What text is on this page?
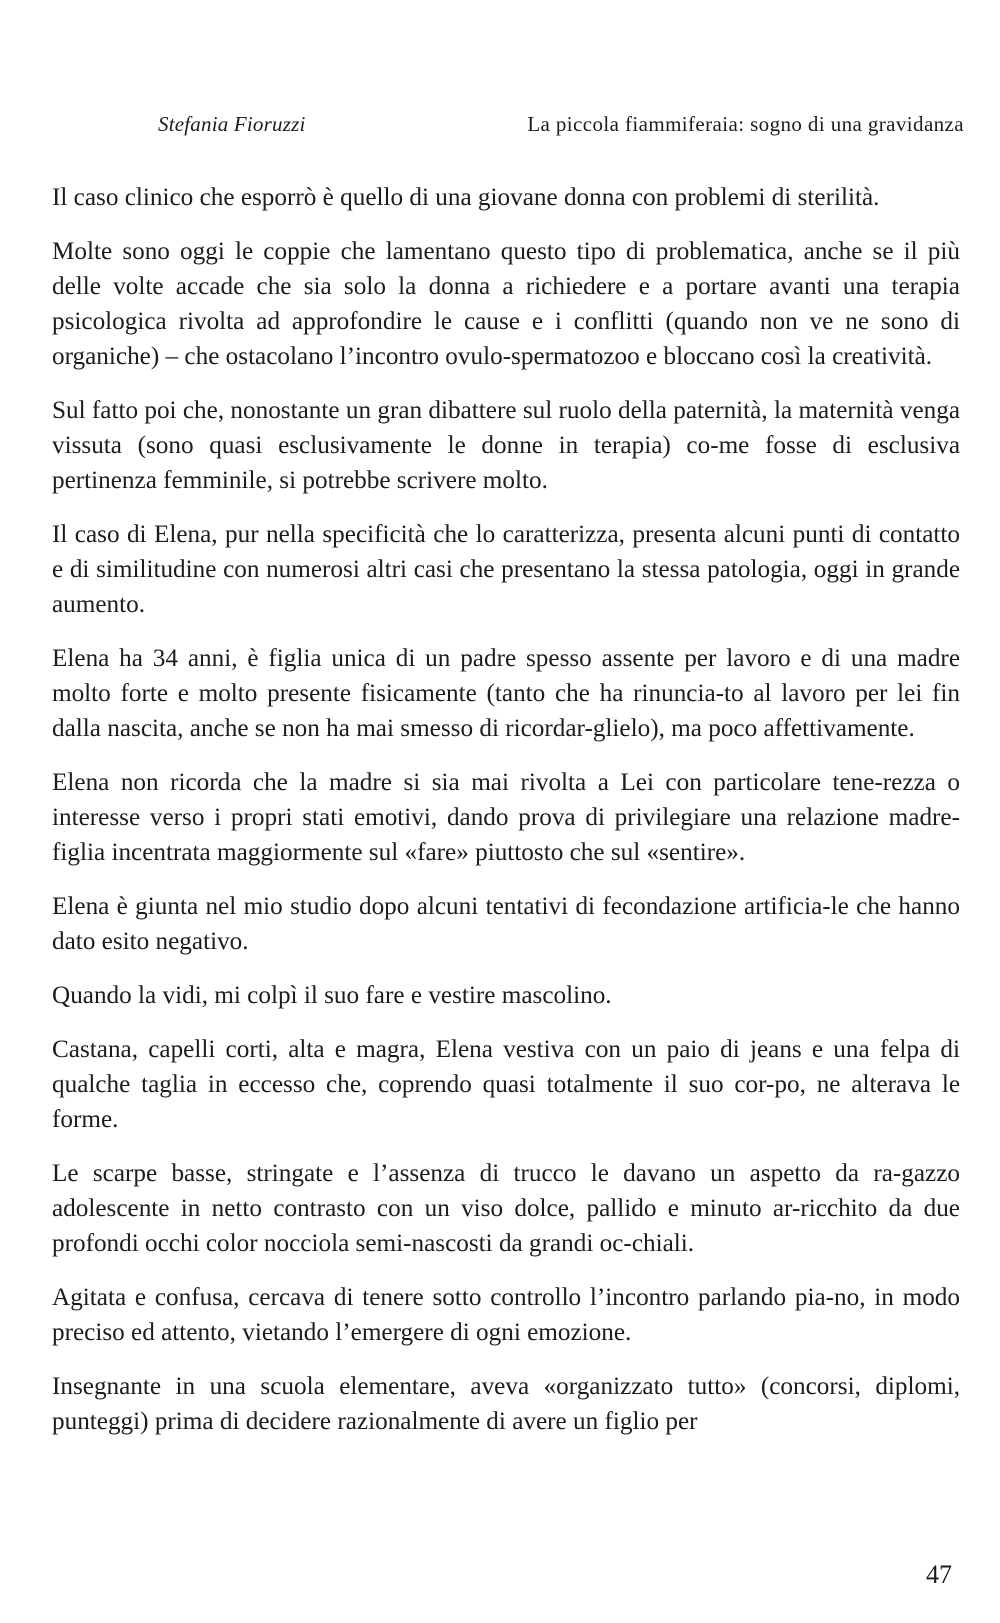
Stefania Fioruzzi	La piccola fiammiferaia: sogno di una gravidanza

Il caso clinico che esporrò è quello di una giovane donna con problemi di sterilità.

Molte sono oggi le coppie che lamentano questo tipo di problematica, anche se il più delle volte accade che sia solo la donna a richiedere e a portare avanti una terapia psicologica rivolta ad approfondire le cause e i conflitti (quando non ve ne sono di organiche) – che ostacolano l’incontro ovulo-spermatozoo e bloccano così la creatività.

Sul fatto poi che, nonostante un gran dibattere sul ruolo della paternità, la maternità venga vissuta (sono quasi esclusivamente le donne in terapia) co-me fosse di esclusiva pertinenza femminile, si potrebbe scrivere molto.

Il caso di Elena, pur nella specificità che lo caratterizza, presenta alcuni punti di contatto e di similitudine con numerosi altri casi che presentano la stessa patologia, oggi in grande aumento.

Elena ha 34 anni, è figlia unica di un padre spesso assente per lavoro e di una madre molto forte e molto presente fisicamente (tanto che ha rinuncia-to al lavoro per lei fin dalla nascita, anche se non ha mai smesso di ricordar-glielo), ma poco affettivamente.

Elena non ricorda che la madre si sia mai rivolta a Lei con particolare tene-rezza o interesse verso i propri stati emotivi, dando prova di privilegiare una relazione madre-figlia incentrata maggiormente sul «fare» piuttosto che sul «sentire».

Elena è giunta nel mio studio dopo alcuni tentativi di fecondazione artificia-le che hanno dato esito negativo.

Quando la vidi, mi colpì il suo fare e vestire mascolino.

Castana, capelli corti, alta e magra, Elena vestiva con un paio di jeans e una felpa di qualche taglia in eccesso che, coprendo quasi totalmente il suo cor-po, ne alterava le forme.

Le scarpe basse, stringate e l’assenza di trucco le davano un aspetto da ra-gazzo adolescente in netto contrasto con un viso dolce, pallido e minuto ar-ricchito da due profondi occhi color nocciola semi-nascosti da grandi oc-chiali.

Agitata e confusa, cercava di tenere sotto controllo l’incontro parlando pia-no, in modo preciso ed attento, vietando l’emergere di ogni emozione.

Insegnante in una scuola elementare, aveva «organizzato tutto» (concorsi, diplomi, punteggi) prima di decidere razionalmente di avere un figlio per

47
